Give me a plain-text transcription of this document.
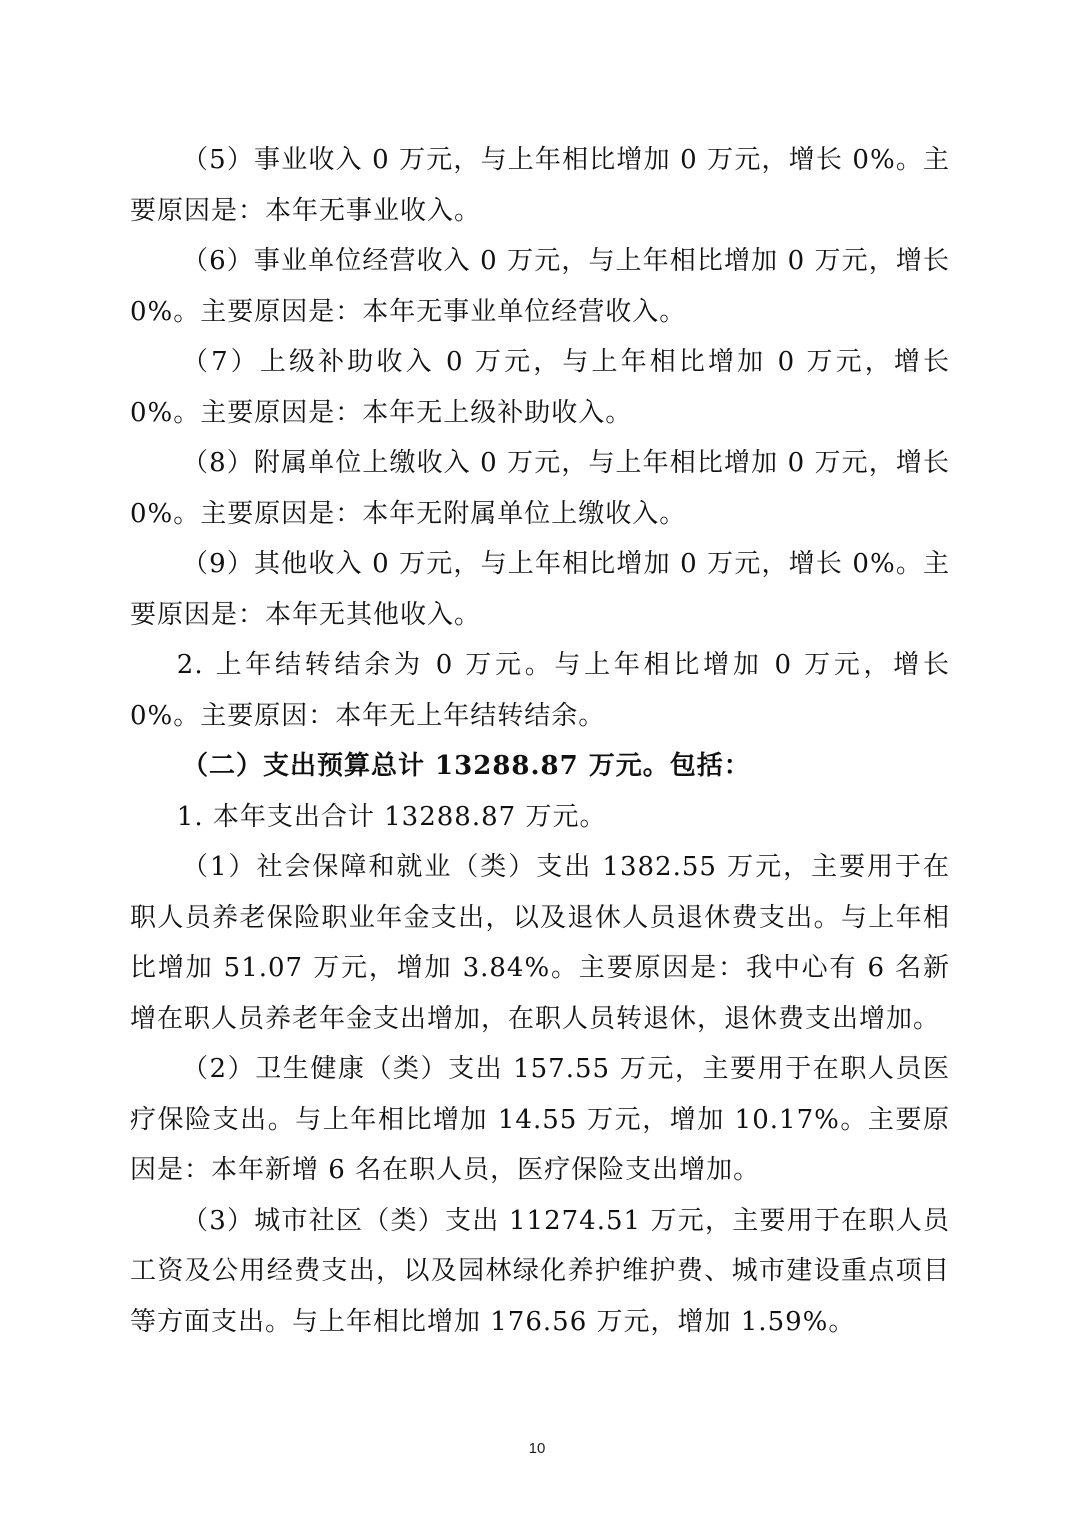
（5）事业收入 0 万元，与上年相比增加 0 万元，增长 0%。主要原因是：本年无事业收入。

（6）事业单位经营收入 0 万元，与上年相比增加 0 万元，增长 0%。主要原因是：本年无事业单位经营收入。

（7）上级补助收入 0 万元，与上年相比增加 0 万元，增长 0%。主要原因是：本年无上级补助收入。

（8）附属单位上缴收入 0 万元，与上年相比增加 0 万元，增长 0%。主要原因是：本年无附属单位上缴收入。

（9）其他收入 0 万元，与上年相比增加 0 万元，增长 0%。主要原因是：本年无其他收入。

2. 上年结转结余为 0 万元。与上年相比增加 0 万元，增长 0%。主要原因：本年无上年结转结余。

（二）支出预算总计 13288.87 万元。包括：

1. 本年支出合计 13288.87 万元。

（1）社会保障和就业（类）支出 1382.55 万元，主要用于在职人员养老保险职业年金支出，以及退休人员退休费支出。与上年相比增加 51.07 万元，增加 3.84%。主要原因是：我中心有 6 名新增在职人员养老年金支出增加，在职人员转退休，退休费支出增加。

（2）卫生健康（类）支出 157.55 万元，主要用于在职人员医疗保险支出。与上年相比增加 14.55 万元，增加 10.17%。主要原因是：本年新增 6 名在职人员，医疗保险支出增加。

（3）城市社区（类）支出 11274.51 万元，主要用于在职人员工资及公用经费支出，以及园林绿化养护维护费、城市建设重点项目等方面支出。与上年相比增加 176.56 万元，增加 1.59%。

10
